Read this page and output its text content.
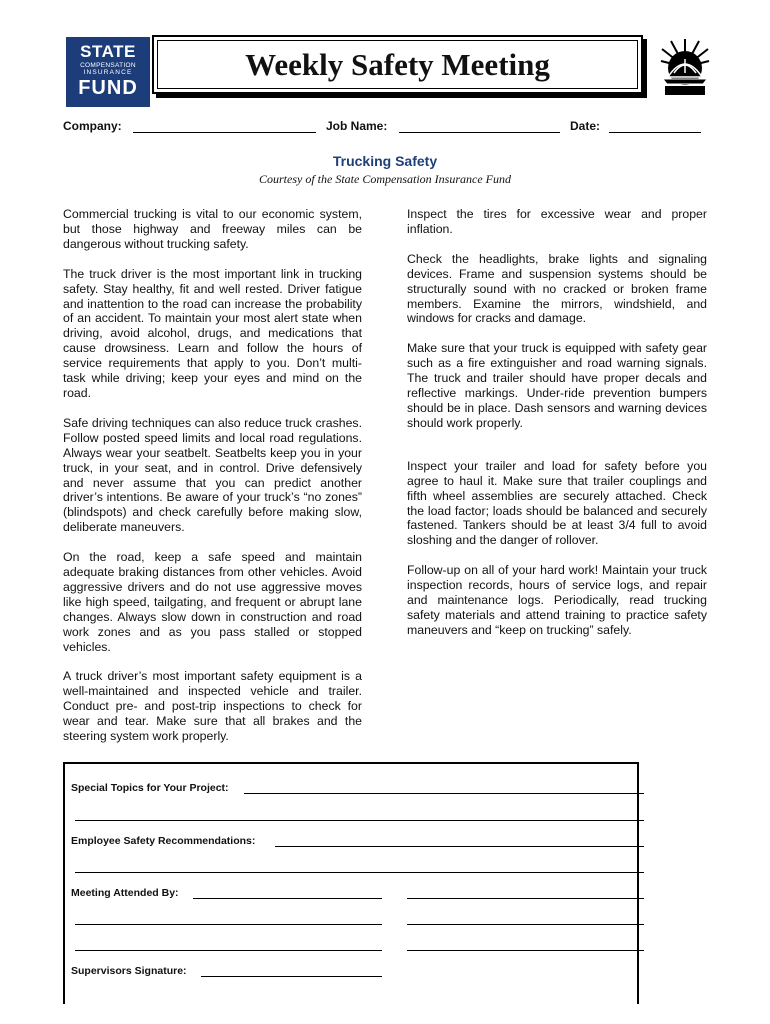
STATE
COMPENSATION
INSURANCE
FUND
Weekly Safety Meeting
Company:	Job Name:	Date:
Trucking Safety
Courtesy of the State Compensation Insurance Fund

Commercial trucking is vital to our economic system, but those highway and freeway miles can be dangerous without trucking safety.

The truck driver is the most important link in trucking safety. Stay healthy, fit and well rested. Driver fatigue and inattention to the road can increase the probability of an accident. To maintain your most alert state when driving, avoid alcohol, drugs, and medications that cause drowsiness. Learn and follow the hours of service requirements that apply to you. Don’t multi-task while driving; keep your eyes and mind on the road.

Safe driving techniques can also reduce truck crashes. Follow posted speed limits and local road regulations. Always wear your seatbelt. Seatbelts keep you in your truck, in your seat, and in control. Drive defensively and never assume that you can predict another driver’s intentions. Be aware of your truck’s “no zones” (blindspots) and check carefully before making slow, deliberate maneuvers.

On the road, keep a safe speed and maintain adequate braking distances from other vehicles. Avoid aggressive drivers and do not use aggressive moves like high speed, tailgating, and frequent or abrupt lane changes. Always slow down in construction and road work zones and as you pass stalled or stopped vehicles.

A truck driver’s most important safety equipment is a well-maintained and inspected vehicle and trailer. Conduct pre- and post-trip inspections to check for wear and tear. Make sure that all brakes and the steering system work properly.

Inspect the tires for excessive wear and proper inflation.

Check the headlights, brake lights and signaling devices. Frame and suspension systems should be structurally sound with no cracked or broken frame members. Examine the mirrors, windshield, and windows for cracks and damage.

Make sure that your truck is equipped with safety gear such as a fire extinguisher and road warning signals. The truck and trailer should have proper decals and reflective markings. Under-ride prevention bumpers should be in place. Dash sensors and warning devices should work properly.

Inspect your trailer and load for safety before you agree to haul it. Make sure that trailer couplings and fifth wheel assemblies are securely attached. Check the load factor; loads should be balanced and securely fastened. Tankers should be at least 3/4 full to avoid sloshing and the danger of rollover.

Follow-up on all of your hard work! Maintain your truck inspection records, hours of service logs, and repair and maintenance logs. Periodically, read trucking safety materials and attend training to practice safety maneuvers and “keep on trucking” safely.

Special Topics for Your Project:
Employee Safety Recommendations:
Meeting Attended By:
Supervisors Signature:
